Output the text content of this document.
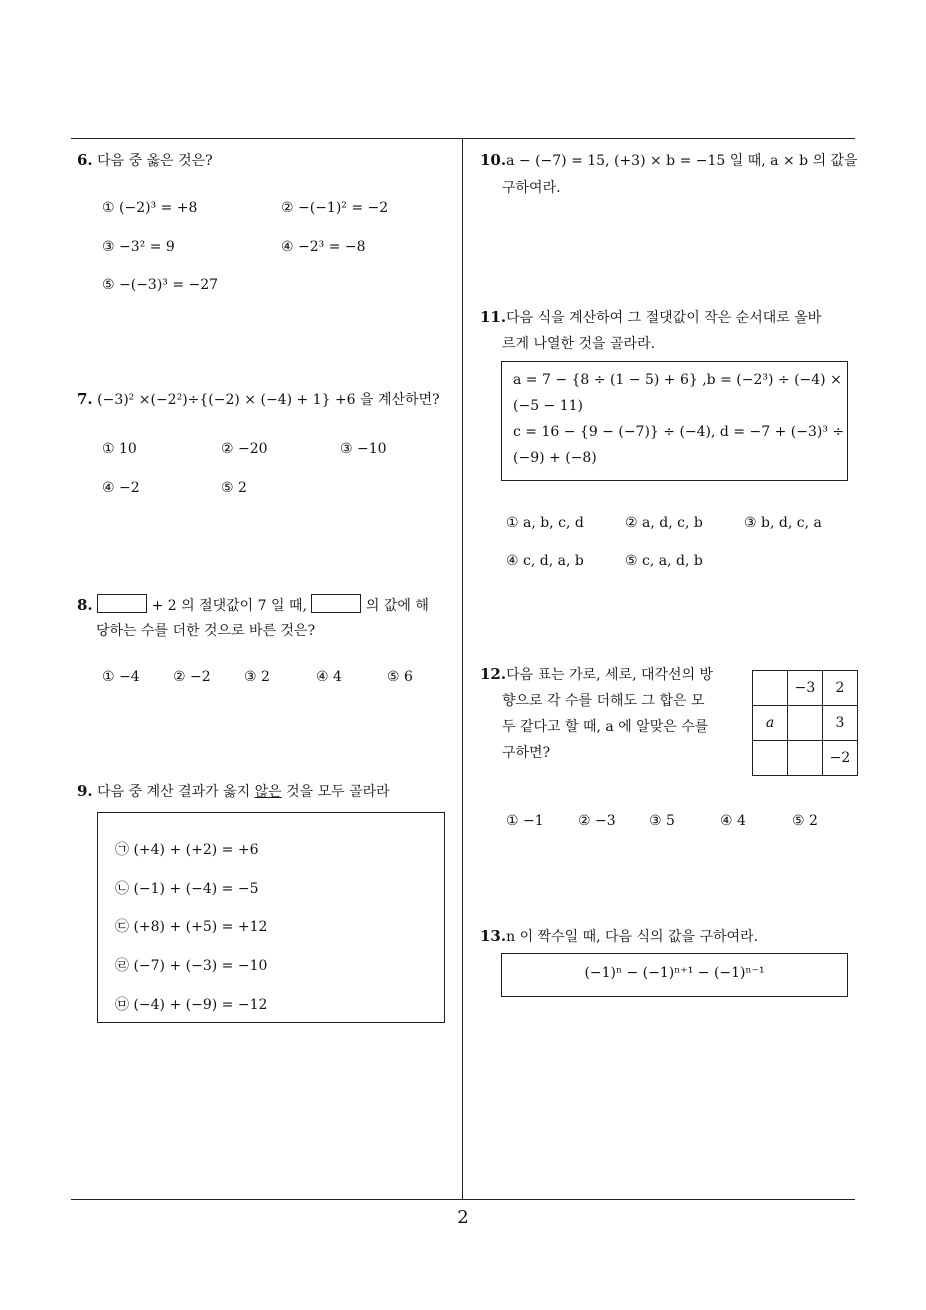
6. 다음 중 옳은 것은?
① (−2)³ = +8	② −(−1)² = −2
③ −3² = 9	④ −2³ = −8
⑤ −(−3)³ = −27
7. (−3)² ×(−2²)÷{(−2) × (−4) + 1} +6 을 계산하면?
① 10	② −20	③ −10
④ −2	⑤ 2
8.	+ 2 의 절댓값이 7 일 때,	의 값에 해
당하는 수를 더한 것으로 바른 것은?
① −4 ② −2 ③ 2	④ 4	⑤ 6
9. 다음 중 계산 결과가 옳지 않은 것을 모두 골라라
㉠ (+4) + (+2) = +6
㉡ (−1) + (−4) = −5
㉢ (+8) + (+5) = +12
㉣ (−7) + (−3) = −10
㉤ (−4) + (−9) = −12
10.a − (−7) = 15, (+3) × b = −15 일 때, a × b 의 값을
구하여라.
11.다음 식을 계산하여 그 절댓값이 작은 순서대로 올바
르게 나열한 것을 골라라.
a = 7 − {8 ÷ (1 − 5) + 6} ,b = (−2³) ÷ (−4) ×
(−5 − 11)
c = 16 − {9 − (−7)} ÷ (−4), d = −7 + (−3)³ ÷
(−9) + (−8)
① a, b, c, d	② a, d, c, b	③ b, d, c, a
④ c, d, a, b	⑤ c, a, d, b
12.다음 표는 가로, 세로, 대각선의 방
향으로 각 수를 더해도 그 합은 모
두 같다고 할 때, a 에 알맞은 수를
구하면?
	−3	2
a		3
		−2
① −1 ② −3 ③ 5	④ 4	⑤ 2
13.n 이 짝수일 때, 다음 식의 값을 구하여라.
(−1)ⁿ − (−1)ⁿ⁺¹ − (−1)ⁿ⁻¹
2
